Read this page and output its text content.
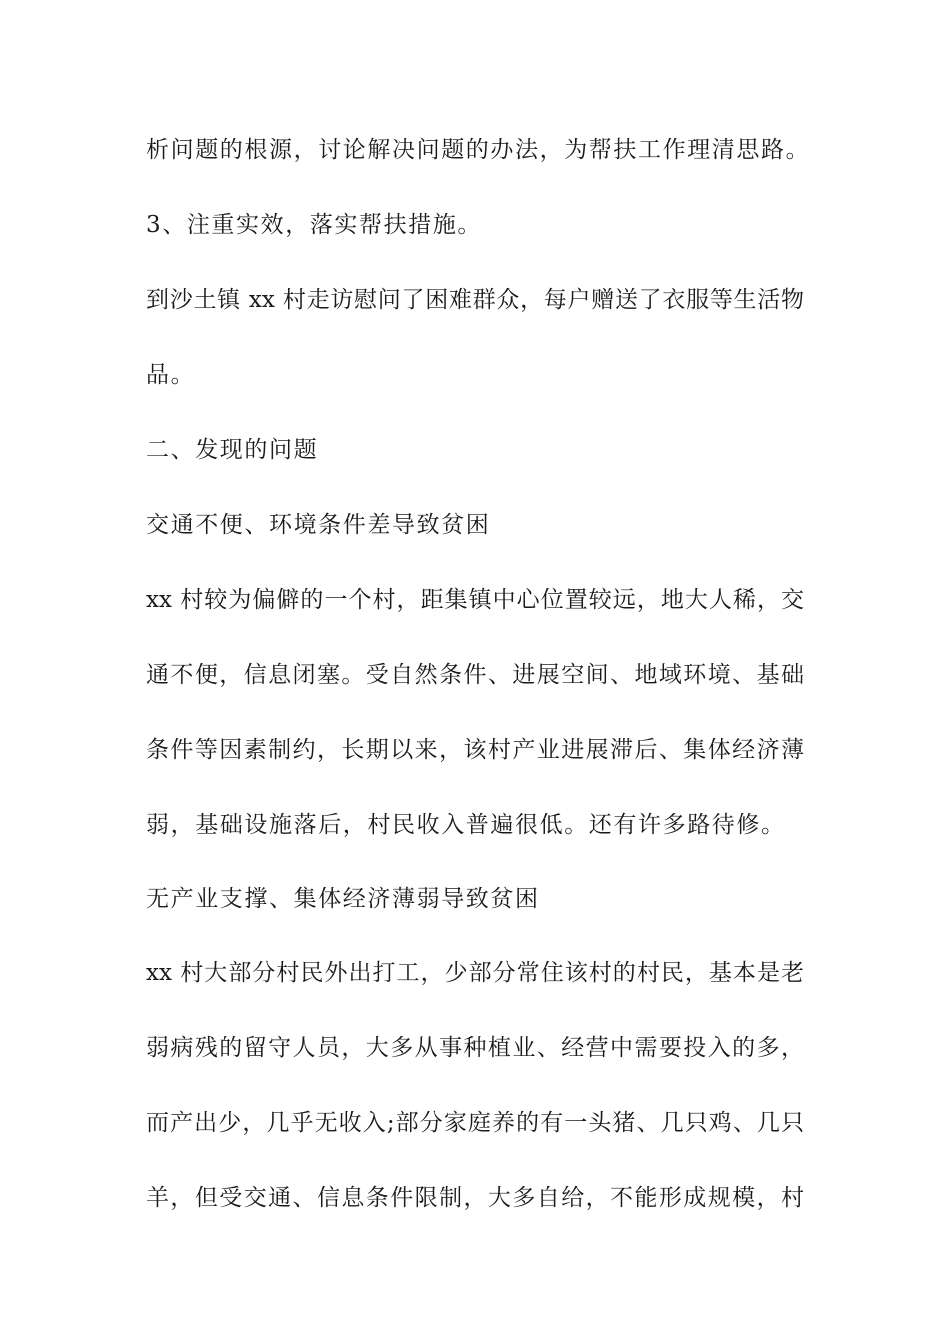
析问题的根源，讨论解决问题的办法，为帮扶工作理清思路。

3、注重实效，落实帮扶措施。

到沙土镇 xx 村走访慰问了困难群众，每户赠送了衣服等生活物

品。

二、发现的问题

交通不便、环境条件差导致贫困

xx 村较为偏僻的一个村，距集镇中心位置较远，地大人稀，交

通不便，信息闭塞。受自然条件、进展空间、地域环境、基础

条件等因素制约，长期以来，该村产业进展滞后、集体经济薄

弱，基础设施落后，村民收入普遍很低。还有许多路待修。

无产业支撑、集体经济薄弱导致贫困

xx 村大部分村民外出打工，少部分常住该村的村民，基本是老

弱病残的留守人员，大多从事种植业、经营中需要投入的多，

而产出少，几乎无收入;部分家庭养的有一头猪、几只鸡、几只

羊，但受交通、信息条件限制，大多自给，不能形成规模，村
